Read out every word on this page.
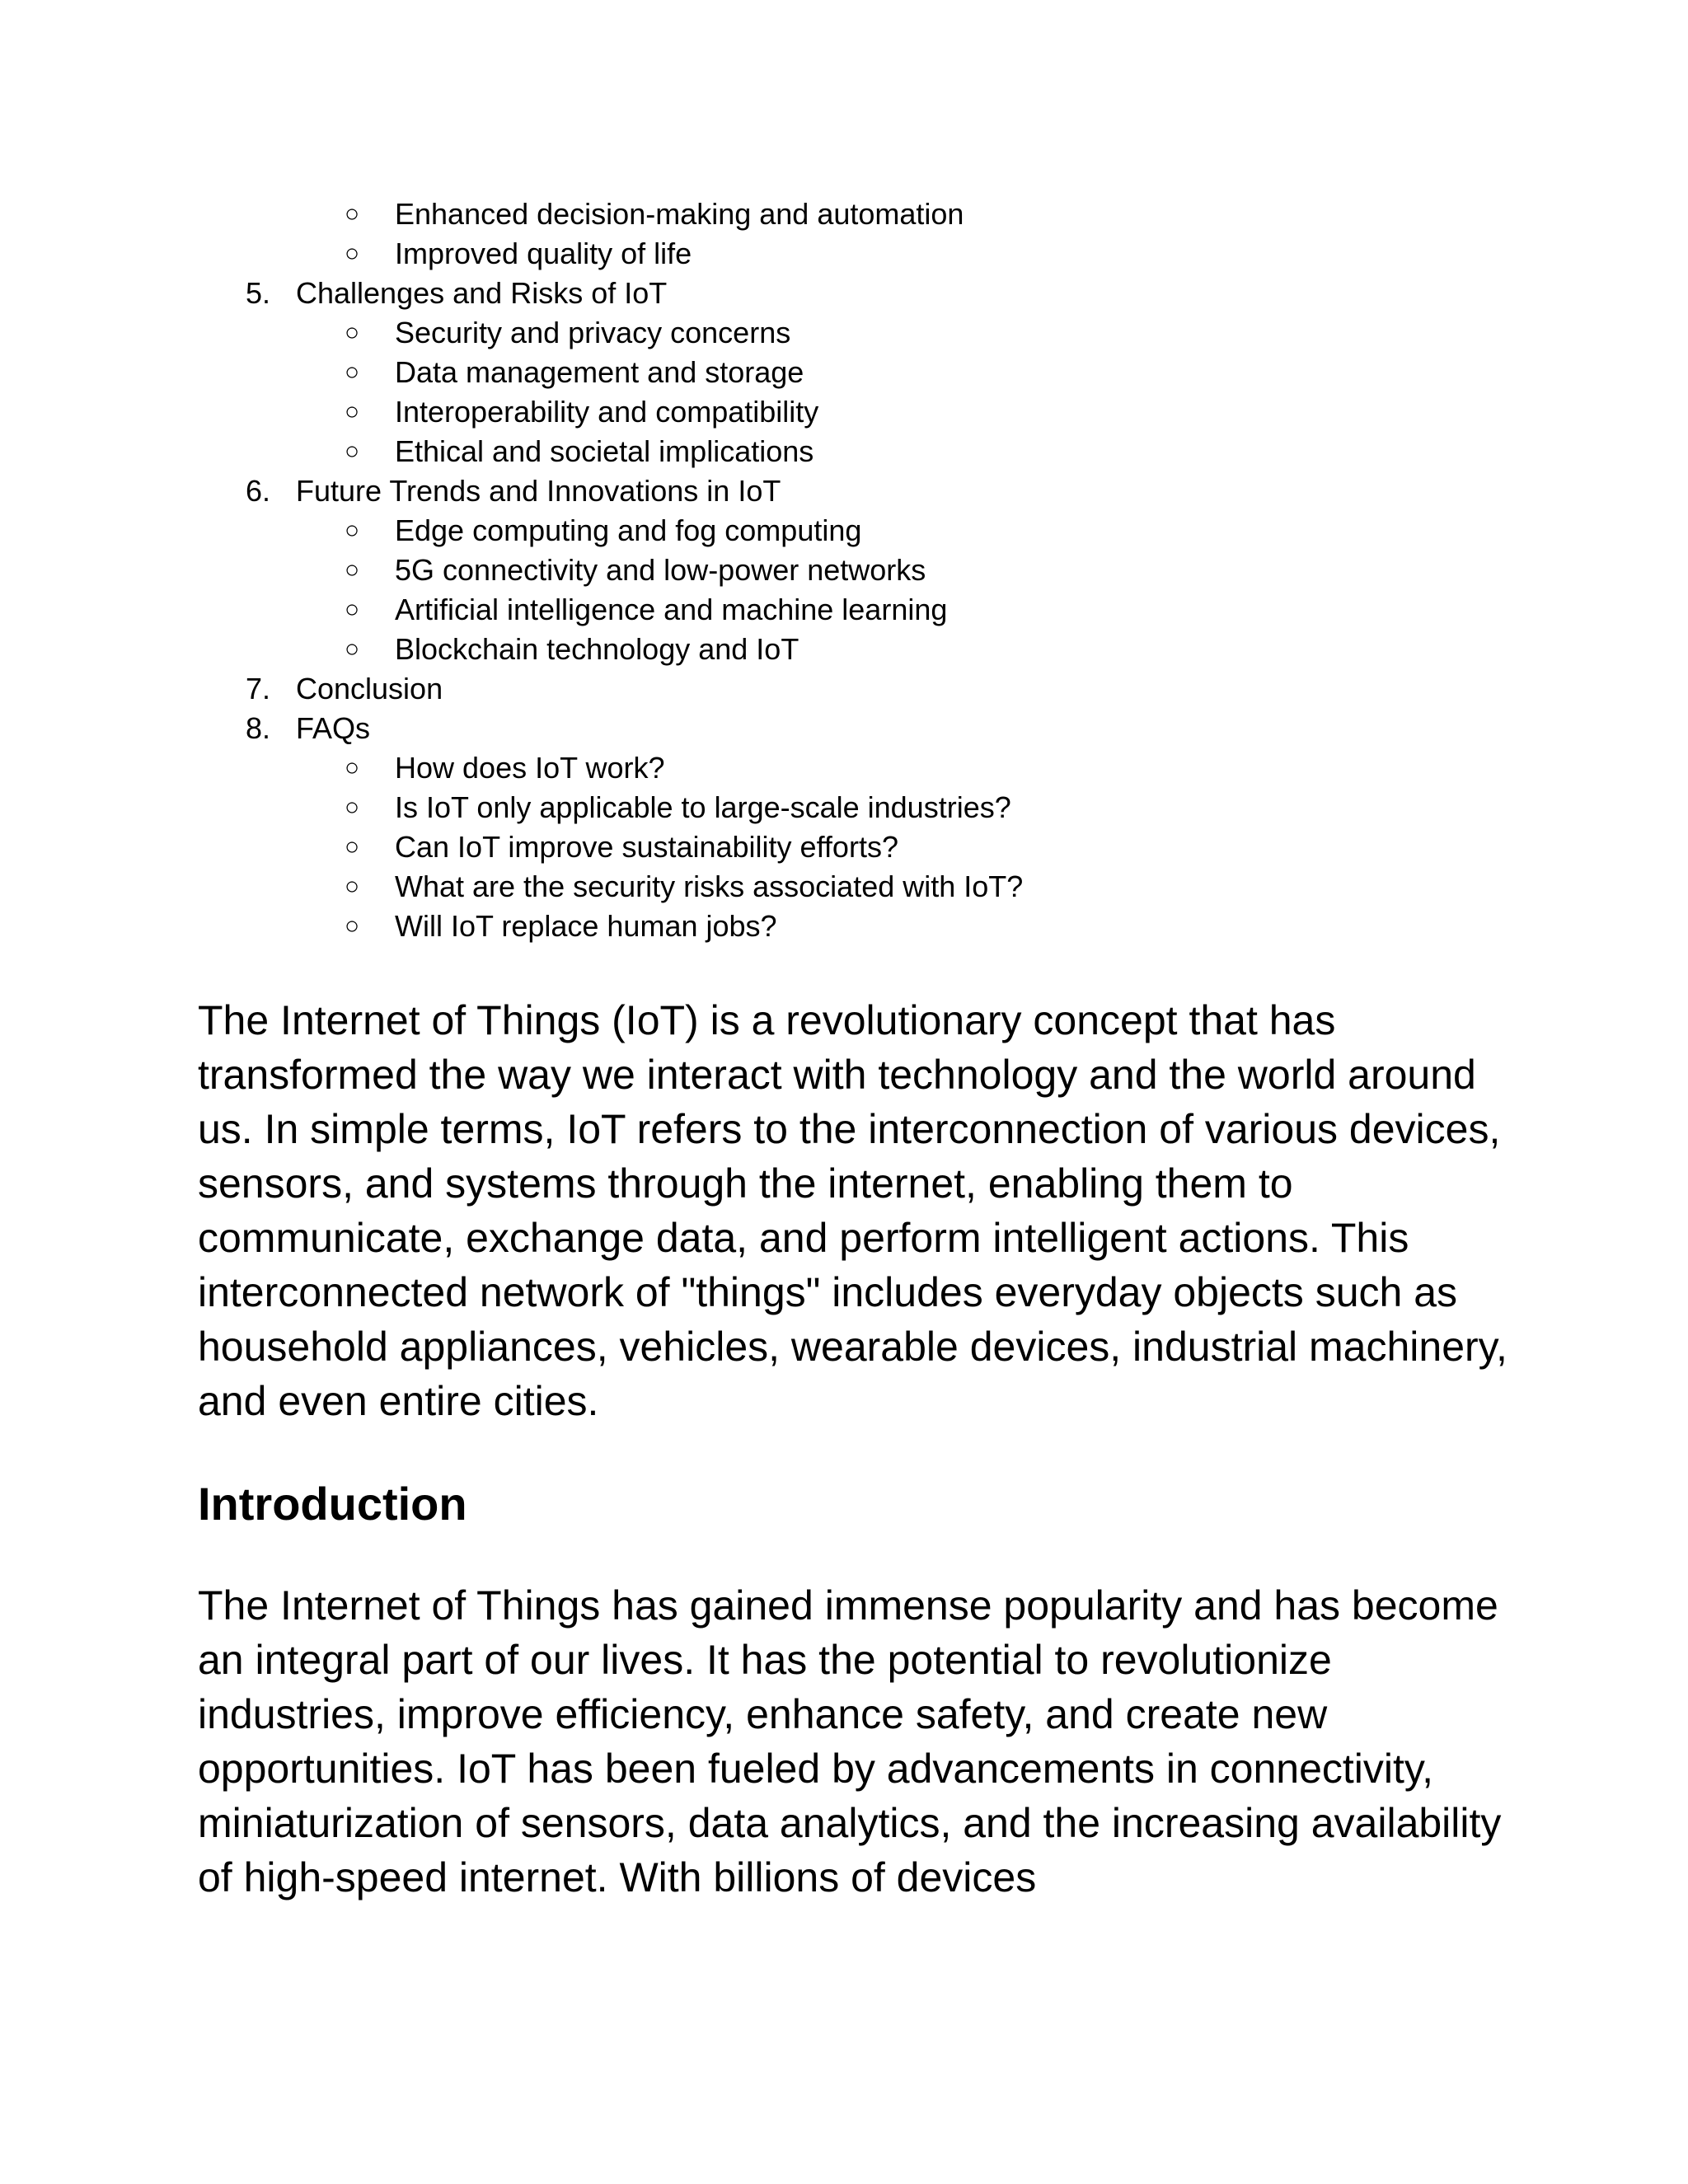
○ Enhanced decision-making and automation
○ Improved quality of life
5. Challenges and Risks of IoT
○ Security and privacy concerns
○ Data management and storage
○ Interoperability and compatibility
○ Ethical and societal implications
6. Future Trends and Innovations in IoT
○ Edge computing and fog computing
○ 5G connectivity and low-power networks
○ Artificial intelligence and machine learning
○ Blockchain technology and IoT
7. Conclusion
8. FAQs
○ How does IoT work?
○ Is IoT only applicable to large-scale industries?
○ Can IoT improve sustainability efforts?
○ What are the security risks associated with IoT?
○ Will IoT replace human jobs?

The Internet of Things (IoT) is a revolutionary concept that has transformed the way we interact with technology and the world around us. In simple terms, IoT refers to the interconnection of various devices, sensors, and systems through the internet, enabling them to communicate, exchange data, and perform intelligent actions. This interconnected network of "things" includes everyday objects such as household appliances, vehicles, wearable devices, industrial machinery, and even entire cities.

Introduction

The Internet of Things has gained immense popularity and has become an integral part of our lives. It has the potential to revolutionize industries, improve efficiency, enhance safety, and create new opportunities. IoT has been fueled by advancements in connectivity, miniaturization of sensors, data analytics, and the increasing availability of high-speed internet. With billions of devices
